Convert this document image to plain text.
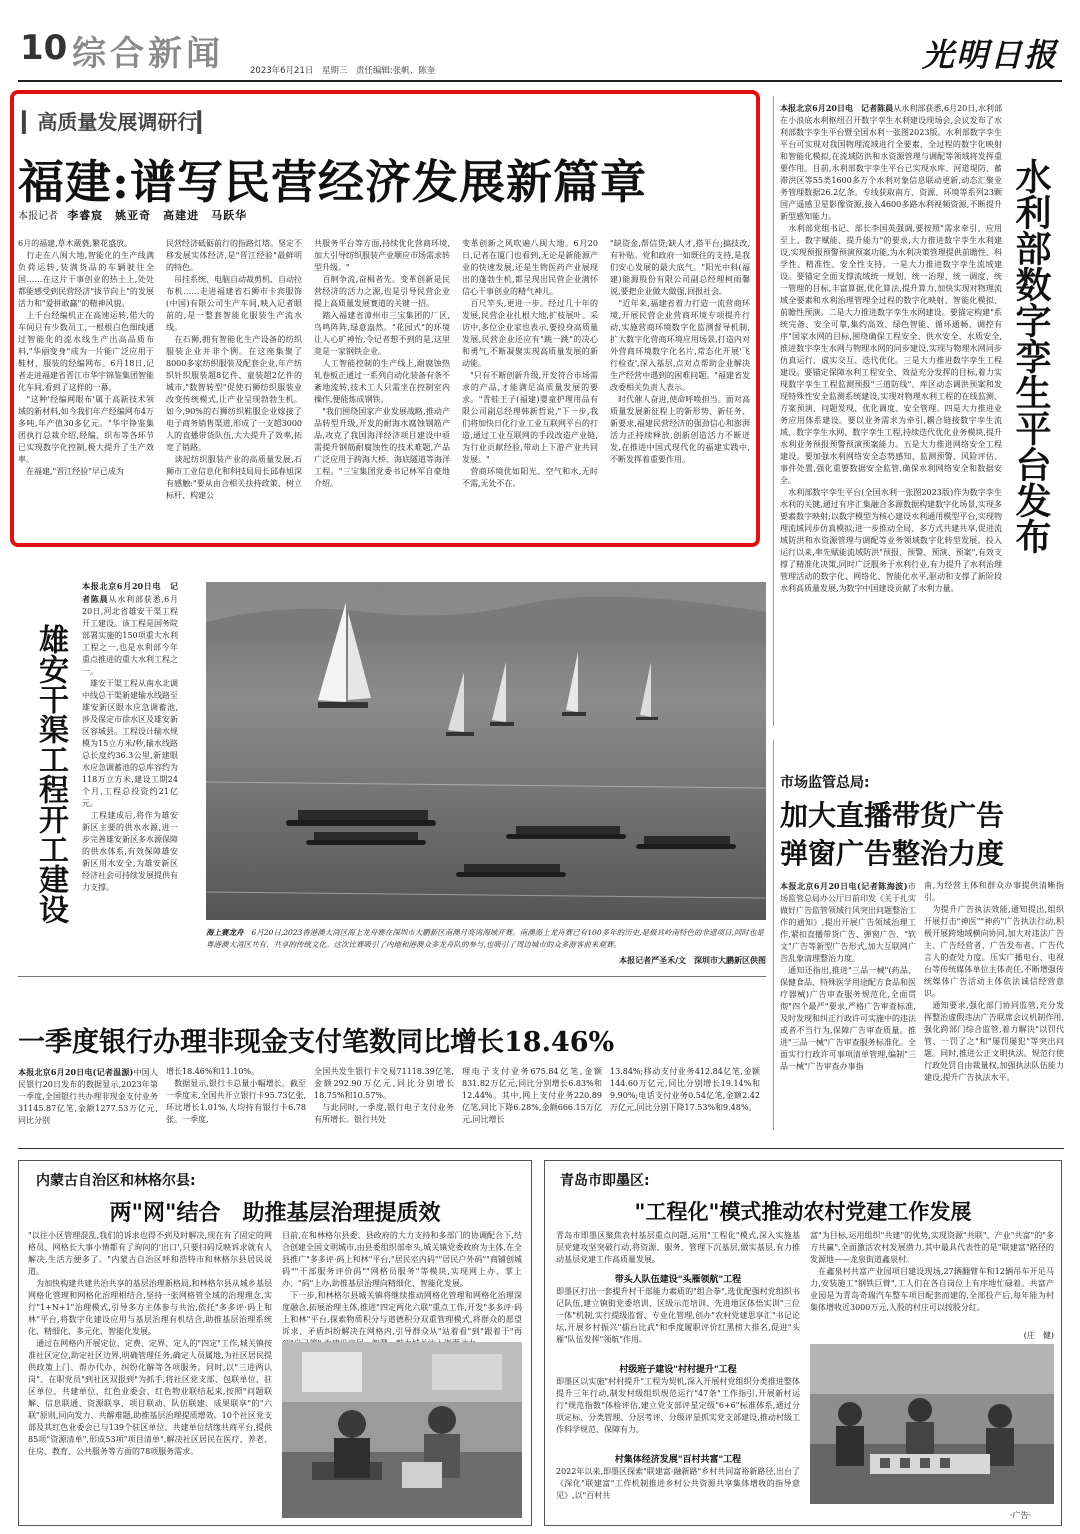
10 综合新闻	2023年6月21日　星期三　责任编辑:张帆、陈奎	光明日报
▎高质量发展调研行▎
福建:谱写民营经济发展新篇章
本报记者 李睿宸　姚亚奇　高建进　马跃华
6月的福建,草木葳蕤,繁花盛放。
　行走在八闽大地,智能化的生产线满负荷运转,装满货品的车辆驶往全国……在这片干事创业的热土上,处处都能感受到民营经济"拔节向上"的发展活力和"爱拼敢赢"的精神风貌。
　上千台经编机正在高速运转,偌大的车间只有少数员工,一根根白色细线通过智能化的流水线生产出高品质布料,"华丽变身"成为一片能广泛应用于鞋材、服装的经编网布。6月18日,记者走进福建省晋江市华宇锦鉴集团智能化车间,看到了这样的一幕。
　"这种'经编网眼布'属于高新技术领域的新材料,如今我们年产经编网布4万多吨,年产值30多亿元。"华宇铮鉴集团执行总裁介绍,经编、织布等各环节已实现数字化控制,极大提升了生产效率。
　在福建,"晋江经验"早已成为
民营经济砥砺前行的指路灯塔。坚定不移发展实体经济,是"晋江经验"最鲜明的特色。
　吊挂系统、电脑自动裁剪机、自动拉布机……走进福建省石狮市卡宾服饰(中国)有限公司生产车间,映入记者眼前的,是一整套智能化服装生产流水线。
　在石狮,拥有智能化生产设备的纺织服装企业并非个例。在这座集聚了8000多家纺织服装及配套企业,年产纺织针织服装超8亿件、童装超2亿件的城市,"数智转型"促使石狮纺织服装业改变传统模式,让产业呈现勃勃生机。如今,90%的石狮纺织鞋服企业嫁接了电子商务销售渠道,形成了一支超3000人的直播带货队伍,大大提升了效率,拓宽了销路。
　谈起纺织服装产业的高质量发展,石狮市工业信息化和科技局局长邱春旭深有感触:"要从由合相关扶持政策、树立标杆、构建公
共服务平台等方面,持续优化营商环境,加大引导纺织服装产业顺应市场需求转型升级。"
　百舸争流,奋楫者先。变革创新是民营经济的活力之源,也是引导民营企业提上高质量发展赛道的关键一招。
　踏入福建省漳州市三宝集团的厂区,鸟鸣阵阵,绿意盎然。"花园式"的环境让人心旷神怡,令记者想不到的是,这里竟是一家钢铁企业。
　人工智能控制的生产线上,耐腐蚀热轧卷板正通过一系列自动化装备有条不紊地流转,技术工人只需坐在控制室内操作,便能炼成钢铁。
　"我们围绕国家产业发展战略,推动产品转型升级,开发的耐海水腐蚀钢筋产品,攻克了我国海洋经济项目建设中亟需提升钢筋耐腐蚀性的技术难题,产品广泛应用于跨海大桥、海底隧道等海洋工程。"三宝集团党委书记林军自豪地介绍。
变革创新之风吹遍八闽大地。6月20日,记者在厦门也看到,无论是新能源产业的快速发展,还是生物医药产业展现出的蓬勃生机,都呈现出民营企业满怀信心干事创业的精气神儿。
　百尺竿头,更进一步。经过几十年的发展,民营企业扎根大地,扩枝展叶。采访中,多位企业家也表示,要投身高质量发展,民营企业还应有"跳一跳"的决心和勇气,不断凝聚实现高质量发展的新动能。
　"只有不断创新升级,开发符合市场需求的产品,才能满足高质量发展的要求。"青蛙王子(福建)婴童护理用品有限公司副总经理韩新哲说,"下一步,我们将加快日化行业工业互联网平台的打造,通过工业互联网的手段改造产业链,为行业贡献经验,带动上下游产业共同发展。"
　营商环境优如阳光、空气和水,无时不需,无处不在。
"缺资金,帮信贷;缺人才,搭平台;搞技改,有补贴。党和政府一如既往的支持,是我们安心发展的最大底气。"阳光中科(福建)能源股份有限公司副总经理柯雨馨说,要把企业做大做强,回报社会。
　"近年来,福建省着力打造一流营商环境,开展民营企业营商环境专项提升行动,实施营商环境数字化监测督导机制,扩大数字化营商环境应用场景,打造内对外营商环境数字化名片,常态化开展'飞行检查',深入基层,点对点帮助企业解决生产经营中遇到的困难问题。"福建省发改委相关负责人表示。
　时代催人奋进,使命呼唤担当。面对高质量发展新征程上的新形势、新任务、新要求,福建民营经济的强劲信心和澎湃活力正持续释放,创新创造活力不断迸发,在推进中国式现代化的福建实践中,不断发挥着重要作用。
本报北京6月20日电　记者陈晨从水利部获悉,6月20日,水利部在小浪底水利枢纽召开数字孪生水利建设现场会,会议发布了水利部数字孪生平台暨全国水利一张图2023版。水利部数字孪生平台可实现对我国物理流域进行全要素、全过程的数字化映射和智能化模拟,在流域防洪和水资源管理与调配等领域将发挥重要作用。目前,水利部数字孪生平台已实现水库、河道堤防、蓄滞洪区等55类1600多万个水利对象信息联动更新,动态汇聚业务管理数据26.2亿条。专线获取南方、资源、环境等系列23颗国产遥感卫星影像资源,接入4600多路水利视频资源,不断提升新型感知能力。
　水利部党组书记、部长李国英强调,要按照"需求牵引、应用至上、数字赋能、提升能力"的要求,大力推进数字孪生水利建设,实现预报预警预演预案功能,为水利决策管理提供前瞻性、科学性、精准性、安全性支持。一是大力推进数字孪生流域建设。要锚定全面支撑流域统一规划、统一治理、统一调度、统一管理的目标,丰富算据,优化算法,提升算力,加快实现对物理流域全要素和水利治理管理全过程的数字化映射、智能化模拟、前瞻性预演。二是大力推进数字孪生水网建设。要锚定构建"系统完备、安全可靠,集约高效、绿色智能、循环通畅、调控有序"国家水网的目标,围绕确保工程安全、供水安全、水质安全,推进数字孪生水网与物理水网的同步建设,实现与物理水网同步仿真运行、虚实交互、迭代优化。三是大力推进数字孪生工程建设。要锚定保障水利工程安全、效益充分发挥的目标,着力实现数字孪生工程监测预报"三道防线"、库区动态调洪预案和发现特殊性安全监测系统建设,实现对物理水利工程的在线监测、方案预演、问题发现、优化调度、安全管理。四是大力推进业务应用体系建设。要以业务需求为牵引,耦合链接数字孪生流域、数字孪生水网、数字孪生工程,持续迭代优化业务模块,提升水利业务预报预警预演预案能力。五是大力推进网络安全工程建设。要加强水利网络安全态势感知、监测预警、风险评估、事件处置,强化重要数据安全监管,确保水利网络安全和数据安全。
　水利部数字孪生平台(全国水利一张图2023版)作为数字孪生水利的关键,通过有序汇集融合多源数据构建数字化场景,实现多要素数字映射;以数字模型为核心建设水利通用模型平台,实现物理流域同步仿真模拟;进一步推动全局、多方式共建共享,促进流域防洪和水资源管理与调配等业务领域数字化转型发展。投入运行以来,率先赋能流域防洪"预报、预警、预演、预案",有效支撑了精准化决策,同时广泛服务于水利行业,有力提升了水利治理管理活动的数字化、网络化、智能化水平,驱动和支撑了新阶段水利高质量发展,为数字中国建设贡献了水利力量。
水利部数字孪生平台发布
雄安干渠工程开工建设
本报北京6月20日电　记者陈晨从水利部获悉,6月20日,河北省雄安干渠工程开工建设。该工程是国务院部署实施的150项重大水利工程之一,也是水利部今年重点推进的重大水利工程之一。
　雄安干渠工程从南水北调中线总干渠新建输水线路至雄安新区眼水应急调蓄池,涉及保定市徐水区及雄安新区容城县。工程设计输水规模为15立方米/秒,输水线路总长度约36.3公里,新建眼水应急调蓄池的总库容约为118万立方米,建设工期24个月,工程总投资约21亿元。
　工程建成后,将作为雄安新区主要的供水水源,进一步完善雄安新区多水源保障的供水体系,有效保障雄安新区用水安全,为雄安新区经济社会可持续发展提供有力支撑。
海上赛龙舟 6月20日,2023香港澳大湾区海上龙舟赛在深圳市大鹏新区南澳月亮湾海域开赛。南澳海上龙舟赛已有100多年的历史,是极具岭南特色的非遗项目,同时也是粤港澳大湾区共有、共享的传统文化。这次比赛吸引了内地和港澳众多龙舟队的参与,也吸引了周边城市的众多游客前来观赛。
本报记者严圣禾/文　深圳市大鹏新区供图
市场监管总局:
加大直播带货广告
弹窗广告整治力度
本报北京6月20日电(记者陈海波)市场监管总局办公厅日前印发《关于扎实做好广告监管领域行风突出问题整治工作的通知》,提出开展广告领域治理工作,紧扣直播带货广告、弹窗广告、"软文"广告等新型广告形式,加大互联网广告乱象清理整治力度。
　通知还指出,推进"三品一械"(药品、保健食品、特殊医学用途配方食品和医疗器械)广告审查服务规范化,全面贯彻"四个最严"要求,严格广告审查标准,及时发现和纠正行政许可实施中的违法或者不当行为,保障广告审查质量。推进"三品一械"广告审查服务标准化。全面实行行政许可事项清单管理,编制"三品一械"广告审查办事指
南,为经营主体和群众办事提供清晰指引。
　为提升广告执法效能,通知提出,组织开展打击"神医""神药"广告执法行动,积极开展跨地域横向协同,加大对违法广告主、广告经营者、广告发布者、广告代言人的查处力度。压实广播电台、电视台等传统媒体单位主体责任,不断增强传统媒体广告活动主体依法诚信经营意识。
　通知要求,强化部门协同监管,充分发挥整治虚假违法广告联席会议机制作用,强化跨部门综合监管,着力解决"以罚代管、一罚了之"和"屡罚屡犯"等突出问题。同时,推进公正文明执法。规范行使行政处罚自由裁量权,加强执法队伍能力建设,提升广告执法水平。
一季度银行办理非现金支付笔数同比增长18.46%
本报北京6月20日电(记者温源)中国人民银行20日发布的数据显示,2023年第一季度,全国银行共办理非现金支付业务31145.87亿笔,金额1277.53万亿元,同比分别
增长18.46%和11.10%。
　数据显示,银行卡总量小幅增长。截至一季度末,全国共开立银行卡95.73亿张,环比增长1.01%,人均持有银行卡6.78张。一季度,
全国共发生银行卡交易71118.39亿笔,金额292.90万亿元,同比分别增长18.75%和10.57%。
　与此同时,一季度,银行电子支付业务有所增长。银行共处
理电子支付业务675.84亿笔,金额831.82万亿元,同比分别增长6.83%和12.44%。其中,网上支付业务220.89亿笔,同比下降6.28%,金额666.15万亿元,同比增长
13.84%;移动支付业务412.84亿笔,金额144.60万亿元,同比分别增长19.14%和9.90%;电话支付业务0.54亿笔,金额2.42万亿元,同比分别下降17.53%和9.48%。
内蒙古自治区和林格尔县:
两"网"结合　助推基层治理提质效
"以往小区管理混乱,我们的诉求也得不到及时解决,现在有了固定的网格员、网格长大事小情都有了询问的'出口',只要扫码反映诉求就有人解决,生活方便多了。"内蒙古自治区呼和浩特市和林格尔县居民说道。
　为加快构建共建共治共享的基层治理新格局,和林格尔县从城乡基层网格化管理和网格化治理相结合,坚持一张网格管全域的治理理念,实行"1+N+1"治理模式,引导多方主体参与共治,依托"多多评·码上和林"平台,将数字化建设应用与基层治理有机结合,助推基层治理系统化、精细化、多元化、智能化发展。
　通过在网格内开展定位、定费、定界、定人的"四定"工作,城关镇按准社区定位,助定社区边界,明确管理任务,确定人员属地,为社区居民提供政策上门、帮办代办、纠纷化解等各项服务。同时,以"三进两认岗"、在职党员"到社区双报到"为抓手,将社区党支部、包联单位、驻区单位、共建单位、红色业委会、红色物业联结起来,按照"问题联解、信息联通、资源联享、项目联动、队伍联建、成果联享"的"六联"原则,同向发力、共解难题,助推基层治理提质增效。10个社区党支部及其红色业委会已与139个驻区单位、共建单位结缘共商平台,提供85项"资源清单",形成53项"项目清单",解决社区居民在医疗、养老、住房、教育、公共服务等方面的78项服务需求。
目前,在和林格尔县委、县政府的大力支持和多部门的协调配合下,结合创建全国文明城市,由县委组织部牵头,城关镇党委政府为主体,在全县推广"多多评·码上和林"平台,"居民室内码""居民户外码""商铺创城码""干部服务评价码""网格员服务"等模块,实现网上办、掌上办、"码"上办,助推基层治理向精细化、智能化发展。
　下一步,和林格尔县城关镇将继续推动网格化管理和网格化治理深度融合,拓展治理主体,推进"四定两化六联"重点工作,开发"多多评·码上和林"平台,探索物质积分与道德积分双重管理模式,将群众的愿望诉求、矛盾纠纷解决在网格内,引导群众从"站着看"到"跟着干"再
青岛市即墨区:
"工程化"模式推动农村党建工作发展
青岛市即墨区聚焦农村基层重点问题,运用"工程化"模式,深入实施基层党建攻坚突破行动,将资源、服务、管理下沉基层,做实基层,有力推动基层党建工作高质量发展。
带头人队伍建设"头雁领航"工程
即墨区打出一套提升村干部能力素质的"组合拳",选优配强村党组织书记队伍,建立镇街党委培训、区级示范培训、先进地区体悟实训"三位一体"机制,实行提级监督、专业化管理,创办"农村党建思享汇"书记论坛,开展乡村振兴"擂台比武"和季度履职评价红黑榜大排名,促进"头雁"队伍发挥"领航"作用。
村级班子建设"村村提升"工程
即墨区以实施"村村提升"工程为契机,深入开展村党组织分类推进整体提升三年行动,制发村级组织规范运行"47条"工作指引,开展新村运行"规范指数"体检评估,建立党支部评星定级"6+6"标准体系,通过分项定标、分类管理、分层考评、分级评星抓实党支部建设,推动村级工作科学规范、保障有力。
村集体经济发展"百村共富"工程
2022年以来,即墨区探索"联建富·融新路"乡村共同富裕新路径,出台了《深化"联建富"工作机制推进乡村公共资源共享集体增收的指导意见》,以"百村共
富"为目标,运用组织"共建"的优势,实现资源"共联"、产业"共富"的"多方共赢",全面激活农村发展潜力,其中最具代表性的是"联建富"路径的发源地——龙泉街道鑫泉村。
　在鑫泉村共富产业园项目建设现场,27辆翻臂车和12辆吊车开足马力,安装施工"钢铁巨臂",工人们在各自岗位上有序地忙碌着。共富产业园是为青岛奇瑞汽车整车项目配套而建的,全部投产后,每年能为村集体增收近3000万元,人股的村庄可以按股分红。
(庄　健)
·广告·
